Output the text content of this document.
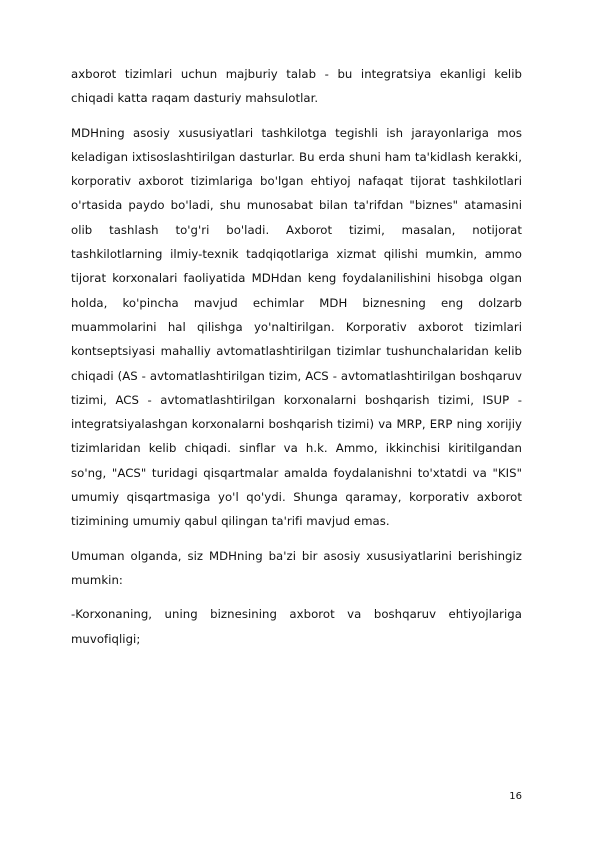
axborot tizimlari uchun majburiy talab - bu integratsiya ekanligi kelib chiqadi katta raqam dasturiy mahsulotlar.

MDHning asosiy xususiyatlari tashkilotga tegishli ish jarayonlariga mos keladigan ixtisoslashtirilgan dasturlar. Bu erda shuni ham ta'kidlash kerakki, korporativ axborot tizimlariga bo'lgan ehtiyoj nafaqat tijorat tashkilotlari o'rtasida paydo bo'ladi, shu munosabat bilan ta'rifdan "biznes" atamasini olib tashlash to'g'ri bo'ladi. Axborot tizimi, masalan, notijorat tashkilotlarning ilmiy-texnik tadqiqotlariga xizmat qilishi mumkin, ammo tijorat korxonalari faoliyatida MDHdan keng foydalanilishini hisobga olgan holda, ko'pincha mavjud echimlar MDH biznesning eng dolzarb muammolarini hal qilishga yo'naltirilgan. Korporativ axborot tizimlari kontseptsiyasi mahalliy avtomatlashtirilgan tizimlar tushunchalaridan kelib chiqadi (AS - avtomatlashtirilgan tizim, ACS - avtomatlashtirilgan boshqaruv tizimi, ACS - avtomatlashtirilgan korxonalarni boshqarish tizimi, ISUP - integratsiyalashgan korxonalarni boshqarish tizimi) va MRP, ERP ning xorijiy tizimlaridan kelib chiqadi. sinflar va h.k. Ammo, ikkinchisi kiritilgandan so'ng, "ACS" turidagi qisqartmalar amalda foydalanishni to'xtatdi va "KIS" umumiy qisqartmasiga yo'l qo'ydi. Shunga qaramay, korporativ axborot tizimining umumiy qabul qilingan ta'rifi mavjud emas.

Umuman olganda, siz MDHning ba'zi bir asosiy xususiyatlarini berishingiz mumkin:

-Korxonaning, uning biznesining axborot va boshqaruv ehtiyojlariga muvofiqligi;

16
